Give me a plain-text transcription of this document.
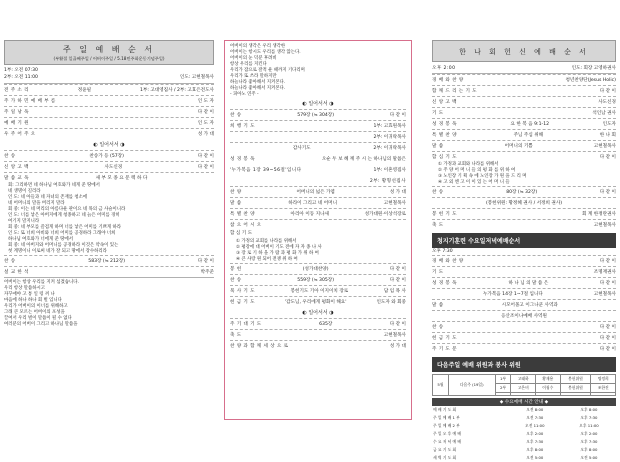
주 일 예 배 순 서
(부활절 일곱째주일 / 어버이주일 / 5.18민주화운동기념주일)
1부: 오전 07:30
2부: 오전 11:00	인도: 고현철목사
전 주 소 리	정윤필	1부: 고대영집사 / 2부: 고효은전도사
주 가 하 민 예 배 부 름	인 도 자
주 일 낭 독	다 같 이
예 배 기 원	인 도 자
우 주 어 주 오	성 가 대
◐ 일어서서 ◑
찬 송	찬송가 등 (57장)	다 같 이
신 앙 고 백	사도신경	다 같 이
말 씀 교 독	새 부 모 종 요 문 렉 하 다
회: 그리하면 네 하나님 여호와가 네게 준 땅에서
네 생명이 길리라
인 도: 네 아들과 네 자녀의 존재를 청소에
네 어머니의 말을 버리지 말라
회 중: 이는 네 머리의 아름다운 관이요 네 목의 금 사슬이니라
인 도: 너를 낳은 아버지에게 청종하고 네 늙은 어미를 경히
여기지 말지니라
회 중: 네 부모를 즐겁게 하며 너를 낳은 어미를 기쁘게 하라
인 도: 또 너희 아비와 너희 어미를 공경하라 그래야 너희
하나님 여호와가 너에게 준 땅에서
회 중: 네 아버지와 어머니를 공경하라 이것은 약속이 있는
첫 계명이니 이로써 네가 잘 되고 땅에서 장수하리라
찬 송	583장 (≒ 212장)	다 같 이
설 교 한 석	박주준
어버이는 항상 우리를 지켜 섬겼습니다.
우리 항상 말씀하시고
자꾸애야 고 통 일 렁 꺼 나
마음에 하나 하나 회 벌 입니다
우리가 어버이의 이너를 위해하고
그래 큰 모르는 어버이의 포성을
끌여서 우리 벌이 말씀이 될 수 없다
여러분의 어버이 그리고 하나님 말씀을
어버이의 생각은 우리 생각한
어버이는 항시도 우리를 생각 않는다.
어버이의 눈 덕분 후려비
항상 우리를 지킨다
우리가 잠으로 잘적 운 때까지 기다리며
우리가 또 쓰라 말하지만
하늘나라 좋아해서 지켜본다.
하늘나라 좋아해서 지켜본다.
- 피아노 연주 -
◐ 일어서서 ◑
찬 송	579장 (≒ 304장)	다 같 이
희 행 기 도	1부: 고효원목사
2부: 이귀락목사
감사기도	2부: 이귀락목사
성 경 봉 독	오순 두 보 혜 께 주 시 는 하나님의 말씀은
'누가복음 1장 39~56절'입니다	1부: 이흔영집사
2부: 황형선집사
찬 양	어버니의 넓은 가엽	성 가 대
말 씀	하라이 그리고 네 어머니	고현철목사
특 별 찬 양	아리아 이동 지나새	성가대원·이상석장로
참 으 어 시 오
합 심 기 도
① 가정의 교회를 나라를 위해서
② 평강에 대 어버이 기도 전에 자 자 종 나 사
③ 장 로 기 하 을 가 람 과 평 화 가 위 하 여
④ 큰 사랑 원 되어 전쟁 위 하 여
봉 헌	(성가대찬양)	다 같 이
찬 송	559장 (≒ 305장)	다 같 이
묵 사 기 도	봉헌기도 기아 이지이치 장로	담 임 목 사
헌 금 기 도	'감도님, 우리에게 평화이 해요'	인도자 와 회중
◐ 일어서서 ◑
주 기 대 기 도	635장	다 같 이
축 도	고현철목사
찬 양 과 함 께 세 상 으 로	성 가 대
한 나 회 헌 신 예 배 순 서
오후 2:00	인도: 회장 고영하권사
경 배 와 찬 양	청년찬양단(Jesus Holic)
함 께 드 리 는 기 도	다 같 이
신 앙 고 백	사도신경
기 도	석인남 권사
성 경 봉 독	요 한 복 음 9:1-12	인도자
특 별 찬 양	주님 주심 위해	한 나 회
말 씀	어머니의 기쁨	고현철목사
합 심 기 도	다 같 이
① 가정과 교회와 나라를 위해서
② 주 양 어 머 니 들 의 평 화 를 위 하 여
③ 노인장 기 획 속 에 노인장 가 원 을 드 리 며
④ 고 외 엔 고 이 이 있 는 어 머 니 들
찬 송	80장 (≒ 32장)	다 같 이
(봉헌위원: 황정혜 권사 / 서정희 권사)
봉 헌 기 도	회 계 한정란권사
축 도	고현철목사
청지기훈련 수요일저녁예배순서
오후 7:30
경 배 와 찬 양	다 같 이
기 도	조명재권사
성 경 봉 독	하 나 님 의 말 씀 은	다 같 이
누가복음 14장 1~7절 입니다	고현철목사
말 씀	시모어몰고 이그나쿤 사역과
응산조이나예배 사역원
찬 송	다 같 이
헌 금 기 도	다 같 이
주 기 도 문	다 같 이
다음주일 예배 위원과 봉사 위원
5월	다음주 (19일)	1부	고태하	황재용	봉헌위원	명정희
		2부	고은비	이청수	봉헌위원	조한진

◆ 수요예배 시간 안내 ◆
예 배 기 도 회	오전 8:00	오후 8:00
주 일 예 배 1 부	오전 7:30	오후 7:30
주 일 예 배 2 부	오전 11:00	오후 11:00
주 일 오 후 예 배	오후 2:00	오후 2:00
수 요 저 녁 예 배	오후 7:30	오후 7:30
금 요 기 도 회	오후 8:00	오후 8:00
새 벽 기 도 회	오전 5:00	오전 5:00
